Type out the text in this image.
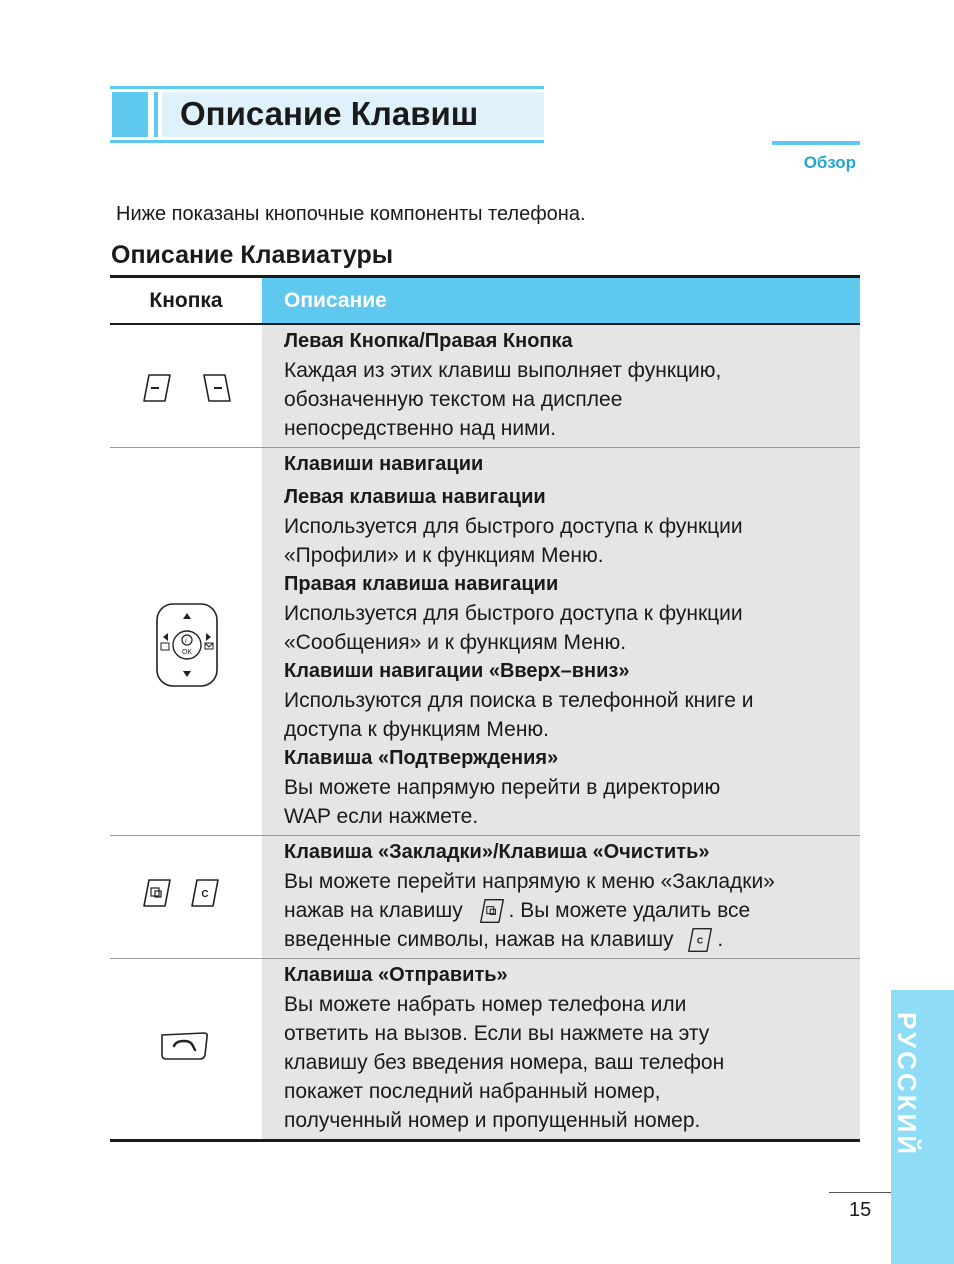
Описание Клавиш
Обзор
Ниже показаны кнопочные компоненты телефона.
Описание Клавиатуры
Кнопка	Описание
Левая Кнопка/Правая Кнопка
Каждая из этих клавиш выполняет функцию,
обозначенную текстом на дисплее
непосредственно над ними.
i
OK
Клавиши навигации
Левая клавиша навигации
Используется для быстрого доступа к функции
«Профили» и к функциям Меню.
Правая клавиша навигации
Используется для быстрого доступа к функции
«Сообщения» и к функциям Меню.
Клавиши навигации «Вверх–вниз»
Используются для поиска в телефонной книге и
доступа к функциям Меню.
Клавиша «Подтверждения»
Вы можете напрямую перейти в директорию
WAP если нажмете.
C
Клавиша «Закладки»/Клавиша «Очистить»
Вы можете перейти напрямую к меню «Закладки»
нажав на клавишу . Вы можете удалить все
введенные символы, нажав на клавишу C .
Клавиша «Отправить»
Вы можете набрать номер телефона или
ответить на вызов. Если вы нажмете на эту
клавишу без введения номера, ваш телефон
покажет последний набранный номер,
полученный номер и пропущенный номер.	РУССКИЙ
15
